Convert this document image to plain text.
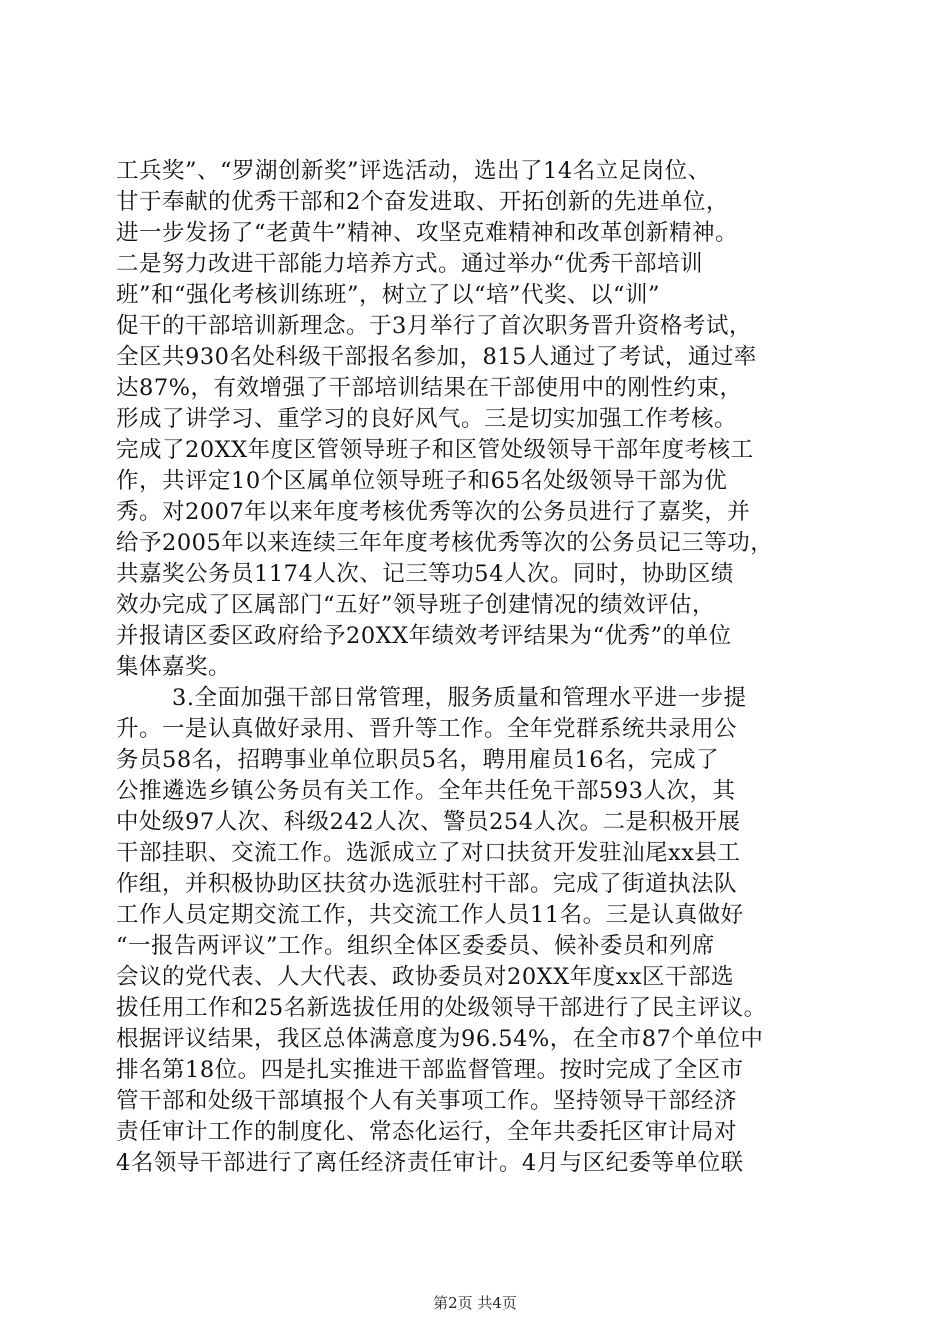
工兵奖”、“罗湖创新奖”评选活动，选出了14名立足岗位、
甘于奉献的优秀干部和2个奋发进取、开拓创新的先进单位，
进一步发扬了“老黄牛”精神、攻坚克难精神和改革创新精神。
二是努力改进干部能力培养方式。通过举办“优秀干部培训
班”和“强化考核训练班”，树立了以“培”代奖、以“训”
促干的干部培训新理念。于3月举行了首次职务晋升资格考试，
全区共930名处科级干部报名参加，815人通过了考试，通过率
达87%，有效增强了干部培训结果在干部使用中的刚性约束，
形成了讲学习、重学习的良好风气。三是切实加强工作考核。
完成了20XX年度区管领导班子和区管处级领导干部年度考核工
作，共评定10个区属单位领导班子和65名处级领导干部为优
秀。对2007年以来年度考核优秀等次的公务员进行了嘉奖，并
给予2005年以来连续三年年度考核优秀等次的公务员记三等功，
共嘉奖公务员1174人次、记三等功54人次。同时，协助区绩
效办完成了区属部门“五好”领导班子创建情况的绩效评估，
并报请区委区政府给予20XX年绩效考评结果为“优秀”的单位
集体嘉奖。
3.全面加强干部日常管理，服务质量和管理水平进一步提
升。一是认真做好录用、晋升等工作。全年党群系统共录用公
务员58名，招聘事业单位职员5名，聘用雇员16名，完成了
公推遴选乡镇公务员有关工作。全年共任免干部593人次，其
中处级97人次、科级242人次、警员254人次。二是积极开展
干部挂职、交流工作。选派成立了对口扶贫开发驻汕尾xx县工
作组，并积极协助区扶贫办选派驻村干部。完成了街道执法队
工作人员定期交流工作，共交流工作人员11名。三是认真做好
“一报告两评议”工作。组织全体区委委员、候补委员和列席
会议的党代表、人大代表、政协委员对20XX年度xx区干部选
拔任用工作和25名新选拔任用的处级领导干部进行了民主评议。
根据评议结果，我区总体满意度为96.54%，在全市87个单位中
排名第18位。四是扎实推进干部监督管理。按时完成了全区市
管干部和处级干部填报个人有关事项工作。坚持领导干部经济
责任审计工作的制度化、常态化运行，全年共委托区审计局对
4名领导干部进行了离任经济责任审计。4月与区纪委等单位联
第2页 共4页
